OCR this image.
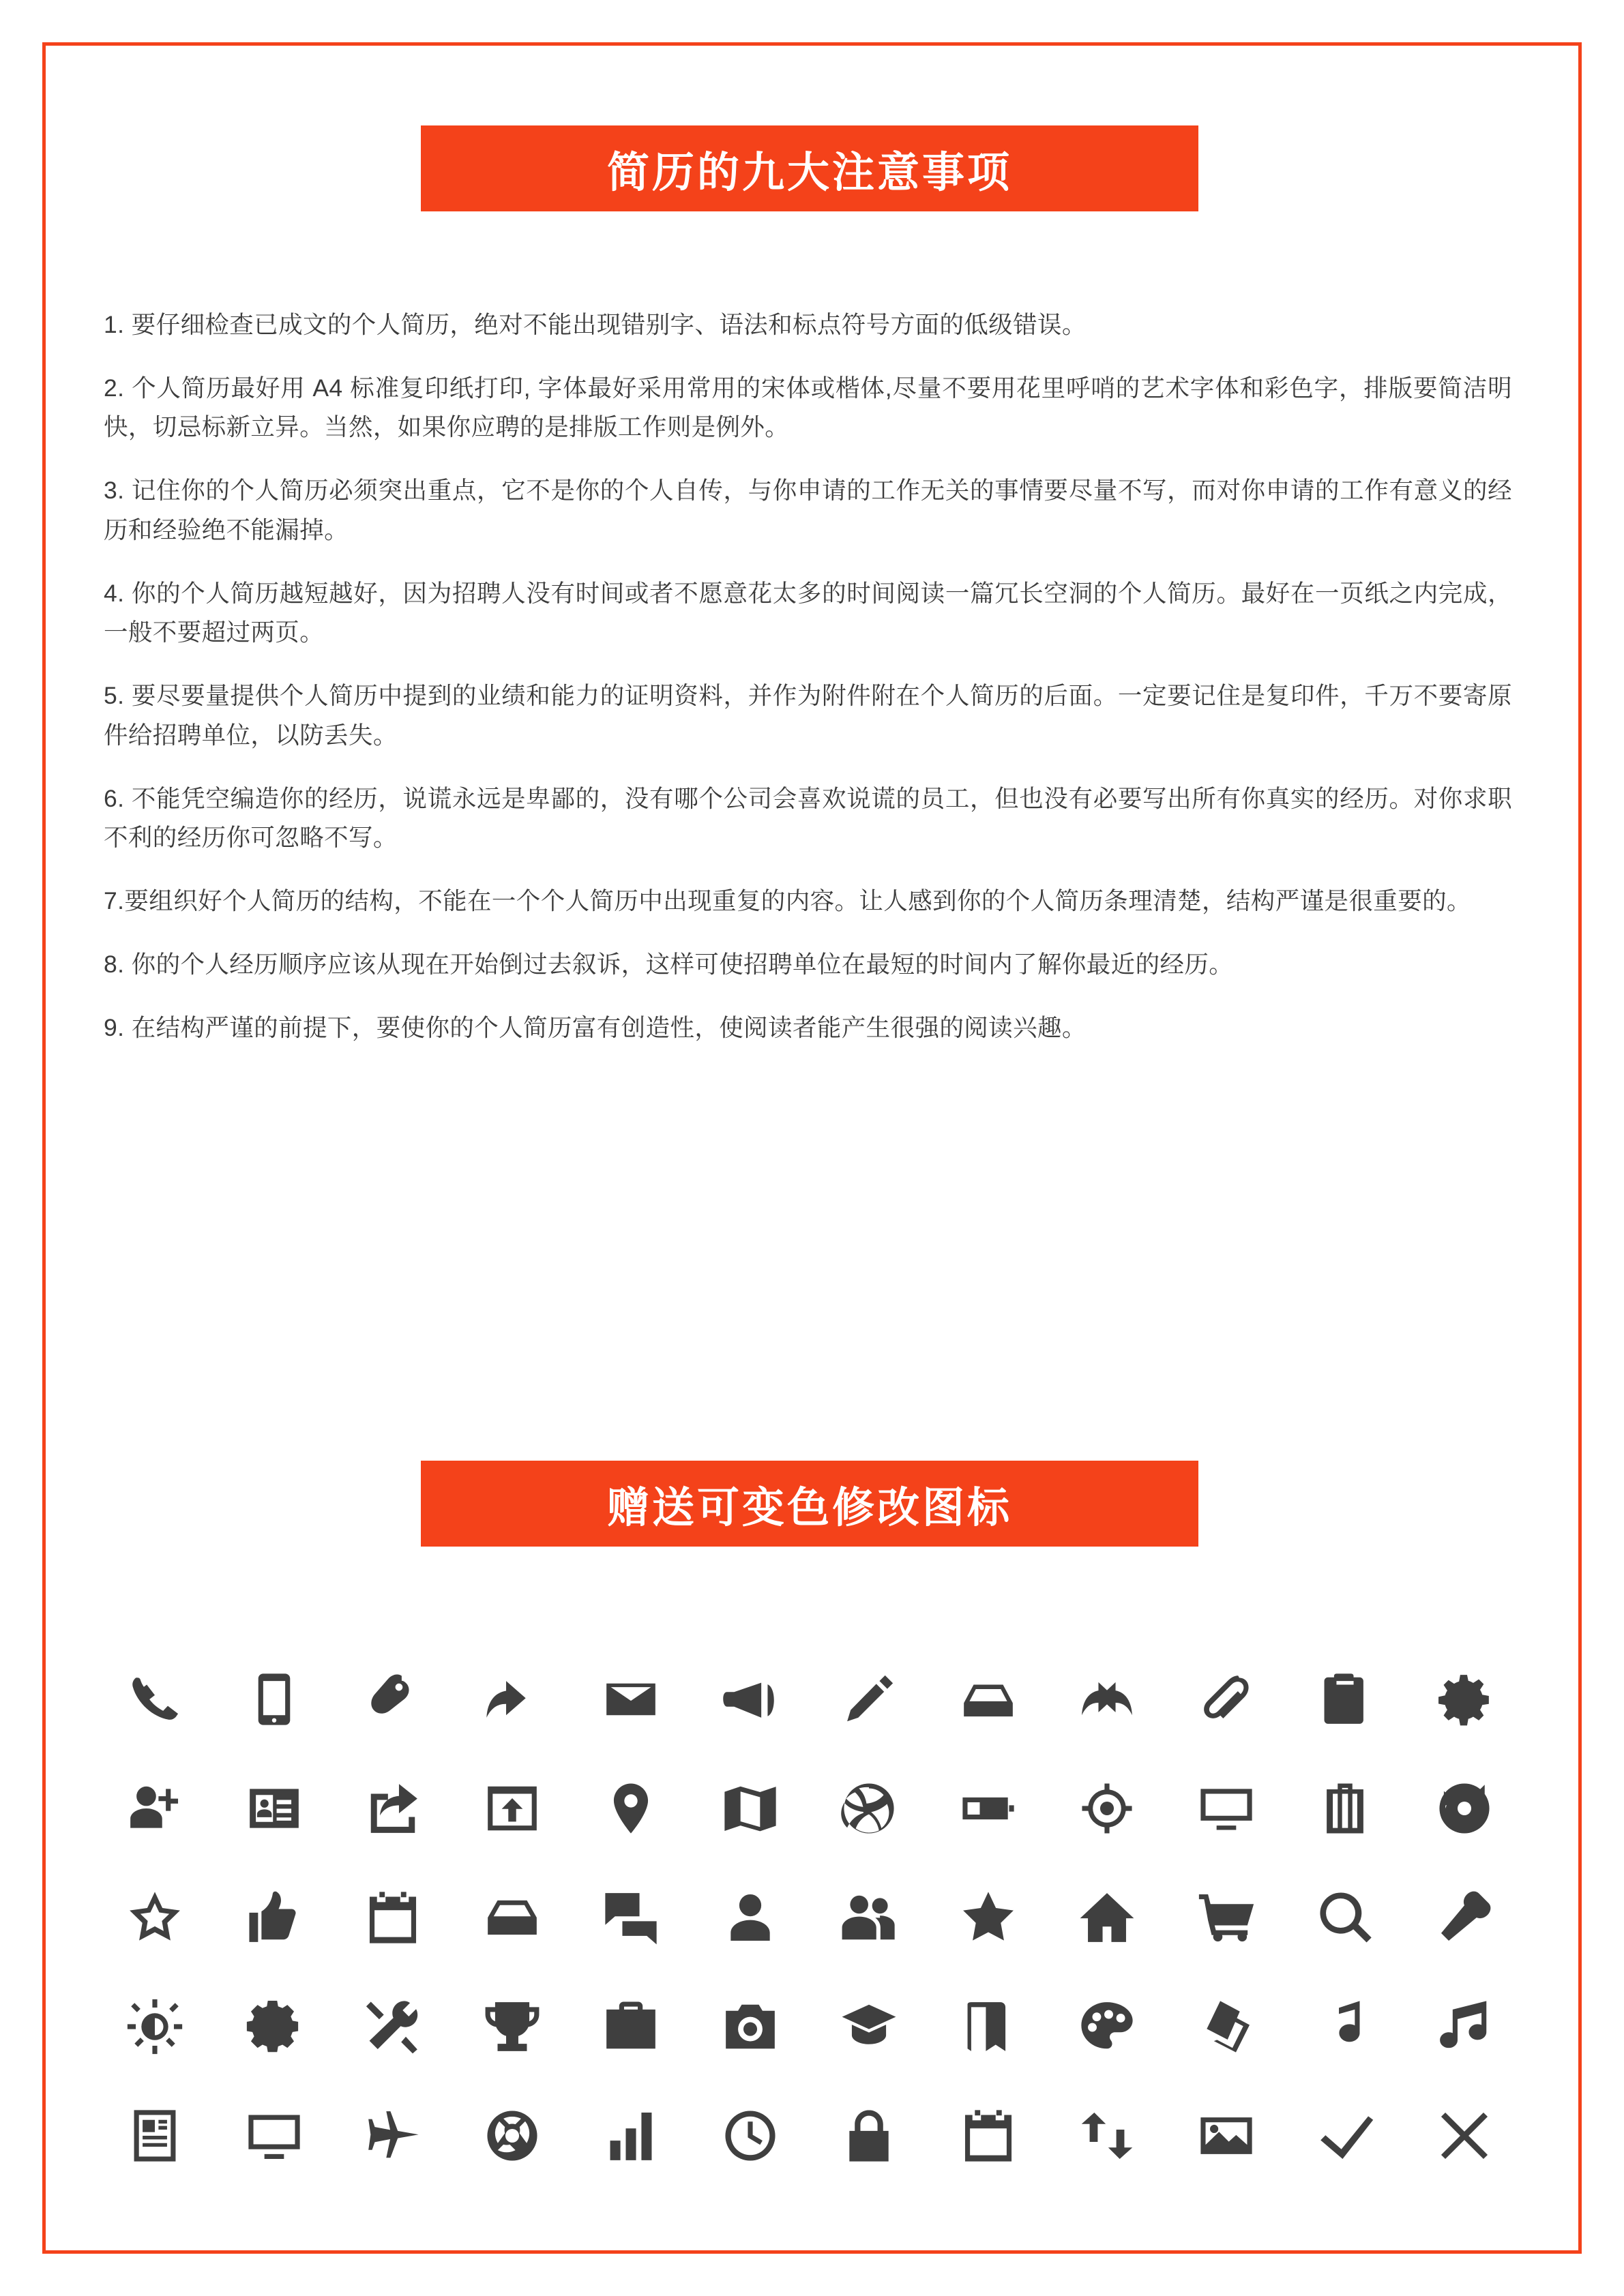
简历的九大注意事项

1. 要仔细检查已成文的个人简历，绝对不能出现错别字、语法和标点符号方面的低级错误。

2. 个人简历最好用 A4 标准复印纸打印, 字体最好采用常用的宋体或楷体,尽量不要用花里呼哨的艺术字体和彩色字，排版要简洁明快，切忌标新立异。当然，如果你应聘的是排版工作则是例外。

3. 记住你的个人简历必须突出重点，它不是你的个人自传，与你申请的工作无关的事情要尽量不写，而对你申请的工作有意义的经历和经验绝不能漏掉。

4. 你的个人简历越短越好，因为招聘人没有时间或者不愿意花太多的时间阅读一篇冗长空洞的个人简历。最好在一页纸之内完成，一般不要超过两页。

5. 要尽要量提供个人简历中提到的业绩和能力的证明资料，并作为附件附在个人简历的后面。一定要记住是复印件，千万不要寄原件给招聘单位，以防丢失。

6. 不能凭空编造你的经历，说谎永远是卑鄙的，没有哪个公司会喜欢说谎的员工，但也没有必要写出所有你真实的经历。对你求职不利的经历你可忽略不写。

7.要组织好个人简历的结构，不能在一个个人简历中出现重复的内容。让人感到你的个人简历条理清楚，结构严谨是很重要的。

8. 你的个人经历顺序应该从现在开始倒过去叙诉，这样可使招聘单位在最短的时间内了解你最近的经历。

9. 在结构严谨的前提下，要使你的个人简历富有创造性，使阅读者能产生很强的阅读兴趣。

赠送可变色修改图标
